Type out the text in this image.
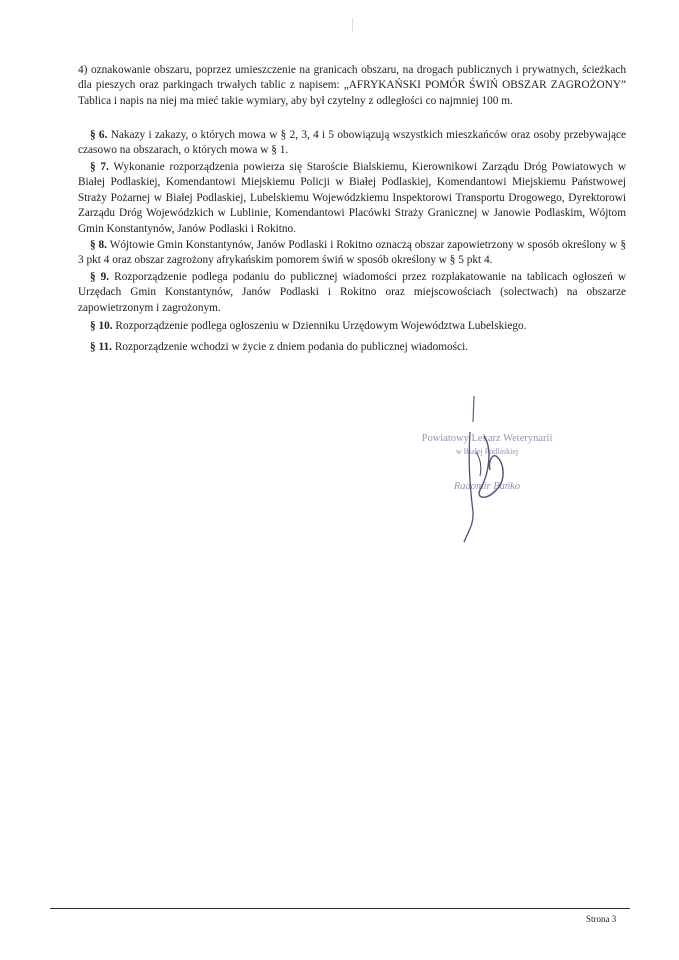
4) oznakowanie obszaru, poprzez umieszczenie na granicach obszaru, na drogach publicznych i prywatnych, ścieżkach dla pieszych oraz parkingach trwałych tablic z napisem: „AFRYKAŃSKI POMÓR ŚWIŃ OBSZAR ZAGROŻONY” Tablica i napis na niej ma mieć takie wymiary, aby był czytelny z odległości co najmniej 100 m.
§ 6. Nakazy i zakazy, o których mowa w § 2, 3, 4 i 5 obowiązują wszystkich mieszkańców oraz osoby przebywające czasowo na obszarach, o których mowa w § 1.
§ 7. Wykonanie rozporządzenia powierza się Staroście Bialskiemu, Kierownikowi Zarządu Dróg Powiatowych w Białej Podlaskiej, Komendantowi Miejskiemu Policji w Białej Podlaskiej, Komendantowi Miejskiemu Państwowej Straży Pożarnej w Białej Podlaskiej, Lubelskiemu Wojewódzkiemu Inspektorowi Transportu Drogowego, Dyrektorowi Zarządu Dróg Wojewódzkich w Lublinie, Komendantowi Placówki Straży Granicznej w Janowie Podlaskim, Wójtom Gmin Konstantynów, Janów Podlaski i Rokitno.
§ 8. Wójtowie Gmin Konstantynów, Janów Podlaski i Rokitno oznaczą obszar zapowietrzony w sposób określony w § 3 pkt 4 oraz obszar zagrożony afrykańskim pomorem świń w sposób określony w § 5 pkt 4.
§ 9. Rozporządzenie podlega podaniu do publicznej wiadomości przez rozplakatowanie na tablicach ogłoszeń w Urzędach Gmin Konstantynów, Janów Podlaski i Rokitno oraz miejscowościach (solectwach) na obszarze zapowietrzonym i zagrożonym.
§ 10. Rozporządzenie podlega ogłoszeniu w Dzienniku Urzędowym Województwa Lubelskiego.
§ 11. Rozporządzenie wchodzi w życie z dniem podania do publicznej wiadomości.
Powiatowy Lekarz Weterynarii
w Białej Podlaskiej
Radomir Bańko
Strona 3
